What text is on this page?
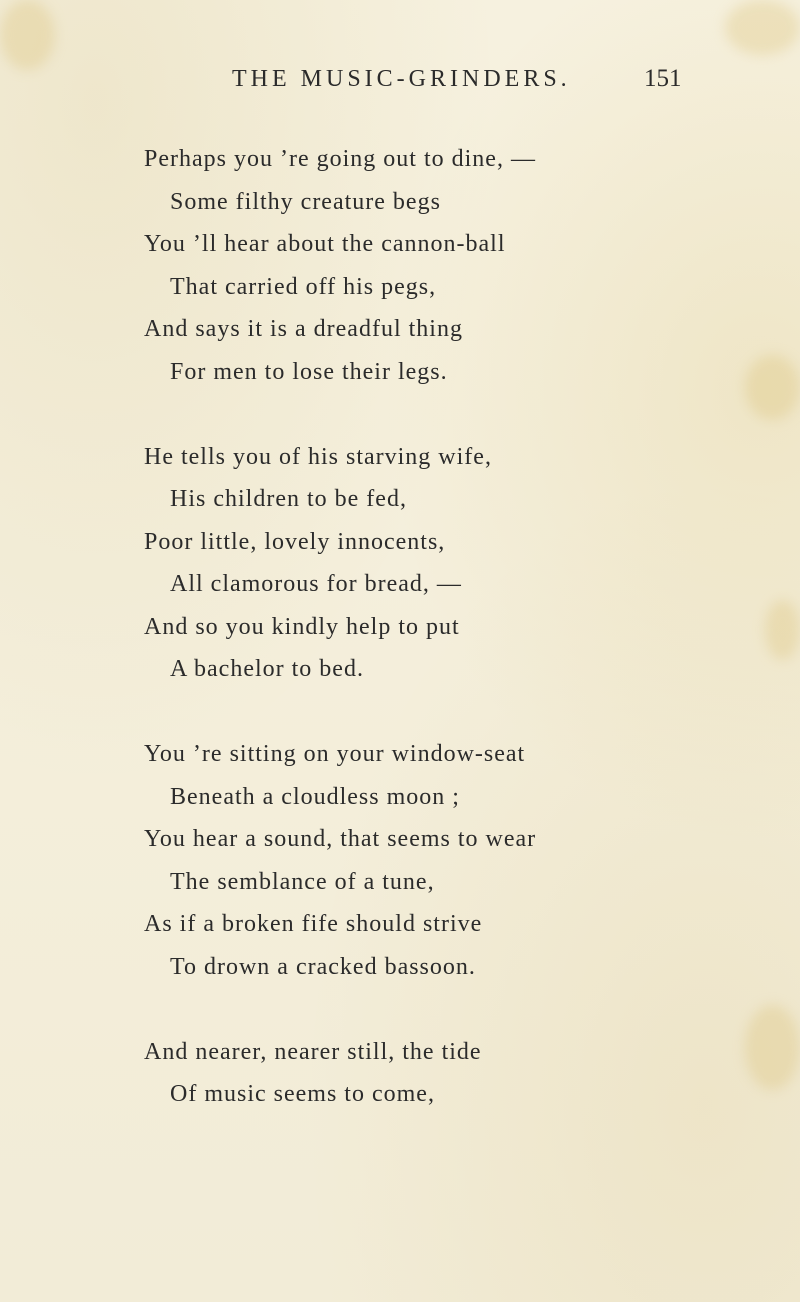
THE MUSIC-GRINDERS.	151
Perhaps you ’re going out to dine, —
Some filthy creature begs
You ’ll hear about the cannon-ball
That carried off his pegs,
And says it is a dreadful thing
For men to lose their legs.
He tells you of his starving wife,
His children to be fed,
Poor little, lovely innocents,
All clamorous for bread, —
And so you kindly help to put
A bachelor to bed.
You ’re sitting on your window-seat
Beneath a cloudless moon ;
You hear a sound, that seems to wear
The semblance of a tune,
As if a broken fife should strive
To drown a cracked bassoon.
And nearer, nearer still, the tide
Of music seems to come,
